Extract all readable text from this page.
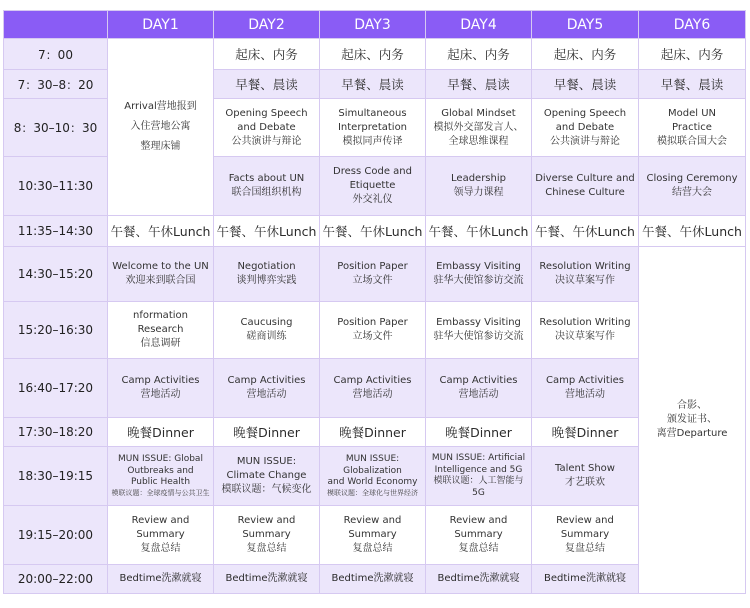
	DAY1	DAY2	DAY3	DAY4	DAY5	DAY6
7：00	Arrival营地报到
入住营地公寓
整理床铺	起床、内务	起床、内务	起床、内务	起床、内务	起床、内务
7：30–8：20		早餐、晨读	早餐、晨读	早餐、晨读	早餐、晨读	早餐、晨读
8：30–10：30		Opening Speech
and Debate
公共演讲与辩论	Simultaneous
Interpretation
模拟同声传译	Global Mindset
模拟外交部发言人、
全球思维课程	Opening Speech
and Debate
公共演讲与辩论	Model UN
Practice
模拟联合国大会

10:30–11:30		Facts about UN
联合国组织机构	Dress Code and
Etiquette
外交礼仪	Leadership
领导力课程	Diverse Culture and
Chinese Culture	Closing Ceremony
结营大会

11:35–14:30	午餐、午休Lunch	午餐、午休Lunch	午餐、午休Lunch	午餐、午休Lunch	午餐、午休Lunch	午餐、午休Lunch
14:30–15:20	Welcome to the UN
欢迎来到联合国	Negotiation
谈判博弈实践	Position Paper
立场文件	Embassy Visiting
驻华大使馆参访交流	Resolution Writing
决议草案写作	合影、
颁发证书、
离营Departure

15:20–16:30	nformation Research
信息调研	Caucusing
磋商训练	Position Paper
立场文件	Embassy Visiting
驻华大使馆参访交流	Resolution Writing
决议草案写作	

16:40–17:20	Camp Activities
营地活动	Camp Activities
营地活动	Camp Activities
营地活动	Camp Activities
营地活动	Camp Activities
营地活动	

17:30–18:20	晚餐Dinner	晚餐Dinner	晚餐Dinner	晚餐Dinner	晚餐Dinner	
18:30–19:15	MUN ISSUE: Global
Outbreaks and
Public Health
模联议题：全球疫情与公共卫生	MUN ISSUE:
Climate Change
模联议题：气候变化	MUN ISSUE:
Globalization
and World Economy
模联议题：全球化与世界经济	MUN ISSUE: Artificial
Intelligence and 5G
模联议题：人工智能与5G	Talent Show
才艺联欢	

19:15–20:00	Review and
Summary
复盘总结	Review and
Summary
复盘总结	Review and
Summary
复盘总结	Review and
Summary
复盘总结	Review and
Summary
复盘总结	

20:00–22:00	Bedtime洗漱就寝	Bedtime洗漱就寝	Bedtime洗漱就寝	Bedtime洗漱就寝	Bedtime洗漱就寝	
